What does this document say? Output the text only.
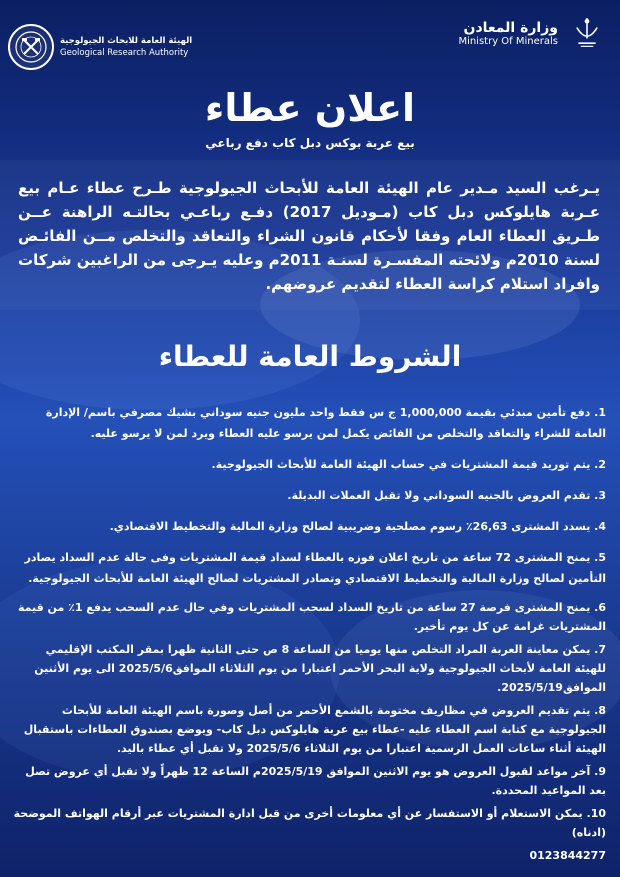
الهيئة العامة للابحاث الجيولوجية
Geological Research Authority
وزارة المعادن
Ministry Of Minerals
اعلان عطاء
بيع عربة بوكس دبل كاب دفع رباعي
يـرغب السيد مـدير عام الهيئة العامة للأبحاث الجيولوجية طـرح عطاء عـام بيع عـربة هايلوكس دبل كاب (مـوديل 2017) دفـع رباعـي بحالتـه الراهنة عــن طـريق العطاء العام وفقا لأحكام قانون الشراء والتعاقد والتخلص مــن الفائـض لسنة 2010م ولائحته المفسـرة لسنـة 2011م وعليه يـرجى من الراغبين شركات وافراد استلام كراسة العطاء لتقديم عروضهم.
الشروط العامة للعطاء
1. دفع تأمين مبدئي بقيمة 1,000,000 ج س فقط واحد مليون جنيه سوداني بشيك مصرفي باسم/ الإدارة العامة للشراء والتعاقد والتخلص من الفائض يكمل لمن يرسو عليه العطاء ويرد لمن لا يرسو عليه.
2. يتم توريد قيمة المشتريات في حساب الهيئة العامة للأبحاث الجيولوجية.
3. تقدم العروض بالجنيه السوداني ولا تقبل العملات البديلة.
4. يسدد المشترى 26,63٪ رسوم مصلحية وضريبية لصالح وزارة المالية والتخطيط الاقتصادي.
5. يمنح المشترى 72 ساعة من تاريخ اعلان فوزه بالعطاء لسداد قيمة المشتريات وفى حالة عدم السداد يصادر التأمين لصالح وزارة المالية والتخطيط الاقتصادي وتصادر المشتريات لصالح الهيئة العامة للأبحاث الجيولوجية.
6. يمنح المشترى فرصة 27 ساعة من تاريخ السداد لسحب المشتريات وفي حال عدم السحب يدفع 1٪ من قيمة المشتريات غرامة عن كل يوم تأخير.
7. يمكن معاينة العربة المراد التخلص منها يوميا من الساعة 8 ص حتى الثانية ظهرا بمقر المكتب الإقليمي للهيئة العامة لأبحاث الجيولوجية ولاية البحر الأحمر اعتبارا من يوم الثلاثاء الموافق2025/5/6 الى يوم الأثنين الموافق2025/5/19.
8. يتم تقديم العروض في مظاريف مختومة بالشمع الأحمر من أصل وصورة باسم الهيئة العامة للأبحاث الجيولوجية مع كتابة اسم العطاء عليه -عطاء بيع عربة هايلوكس دبل كاب- ويوضع بصندوق العطاءات باستقبال الهيئة أثناء ساعات العمل الرسمية اعتبارا من يوم الثلاثاء 2025/5/6 ولا تقبل أي عطاء باليد.
9. آخر مواعد لقبول العروض هو يوم الاثنين الموافق 2025/5/19م الساعة 12 ظهراً ولا تقبل أي عروض تصل بعد المواعيد المحددة.
10. يمكن الاستعلام أو الاستفسار عن أي معلومات أخرى من قبل ادارة المشتريات عبر أرقام الهواتف الموضحة (ادناه)
0123844277
